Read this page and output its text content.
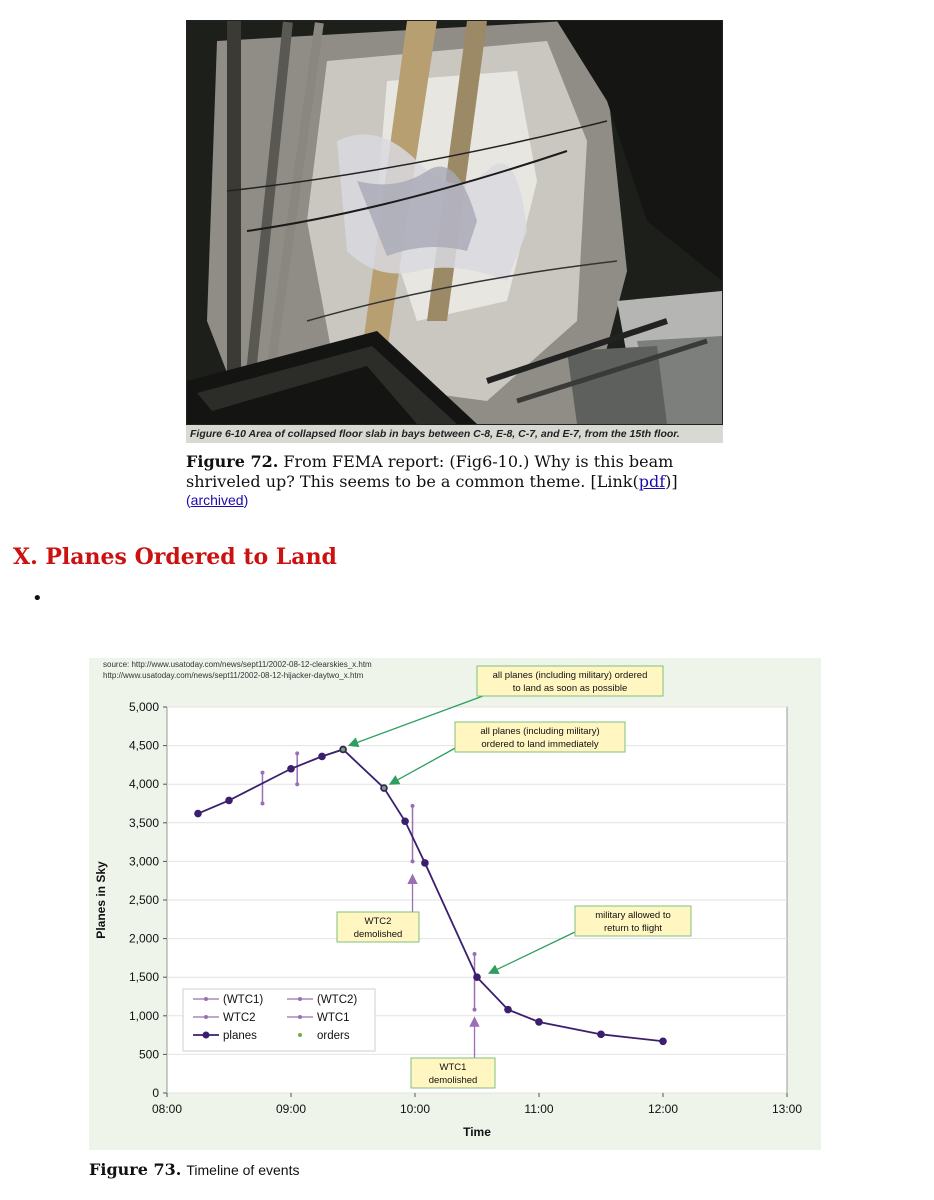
Figure 6-10 Area of collapsed floor slab in bays between C-8, E-8, C-7, and E-7, from the 15th floor.
Figure 72. From FEMA report: (Fig6-10.) Why is this beam shriveled up? This seems to be a common theme. [Link(pdf)]
(archived)
X. Planes Ordered to Land
•
source: http://www.usatoday.com/news/sept11/2002-08-12-clearskies_x.htm
http://www.usatoday.com/news/sept11/2002-08-12-hijacker-daytwo_x.htm
0
500
1,000
1,500
2,000
2,500
3,000
3,500
4,000
4,500
5,000
08:00	09:00	10:00	11:00	12:00	13:00
Planes in Sky
Time
all planes (including military) ordered
to land as soon as possible
all planes (including military)
ordered to land immediately
WTC2
demolished
military allowed to
return to flight
WTC1
demolished
(WTC1)	(WTC2)
WTC2	WTC1
planes	orders
Figure 73. Timeline of events
